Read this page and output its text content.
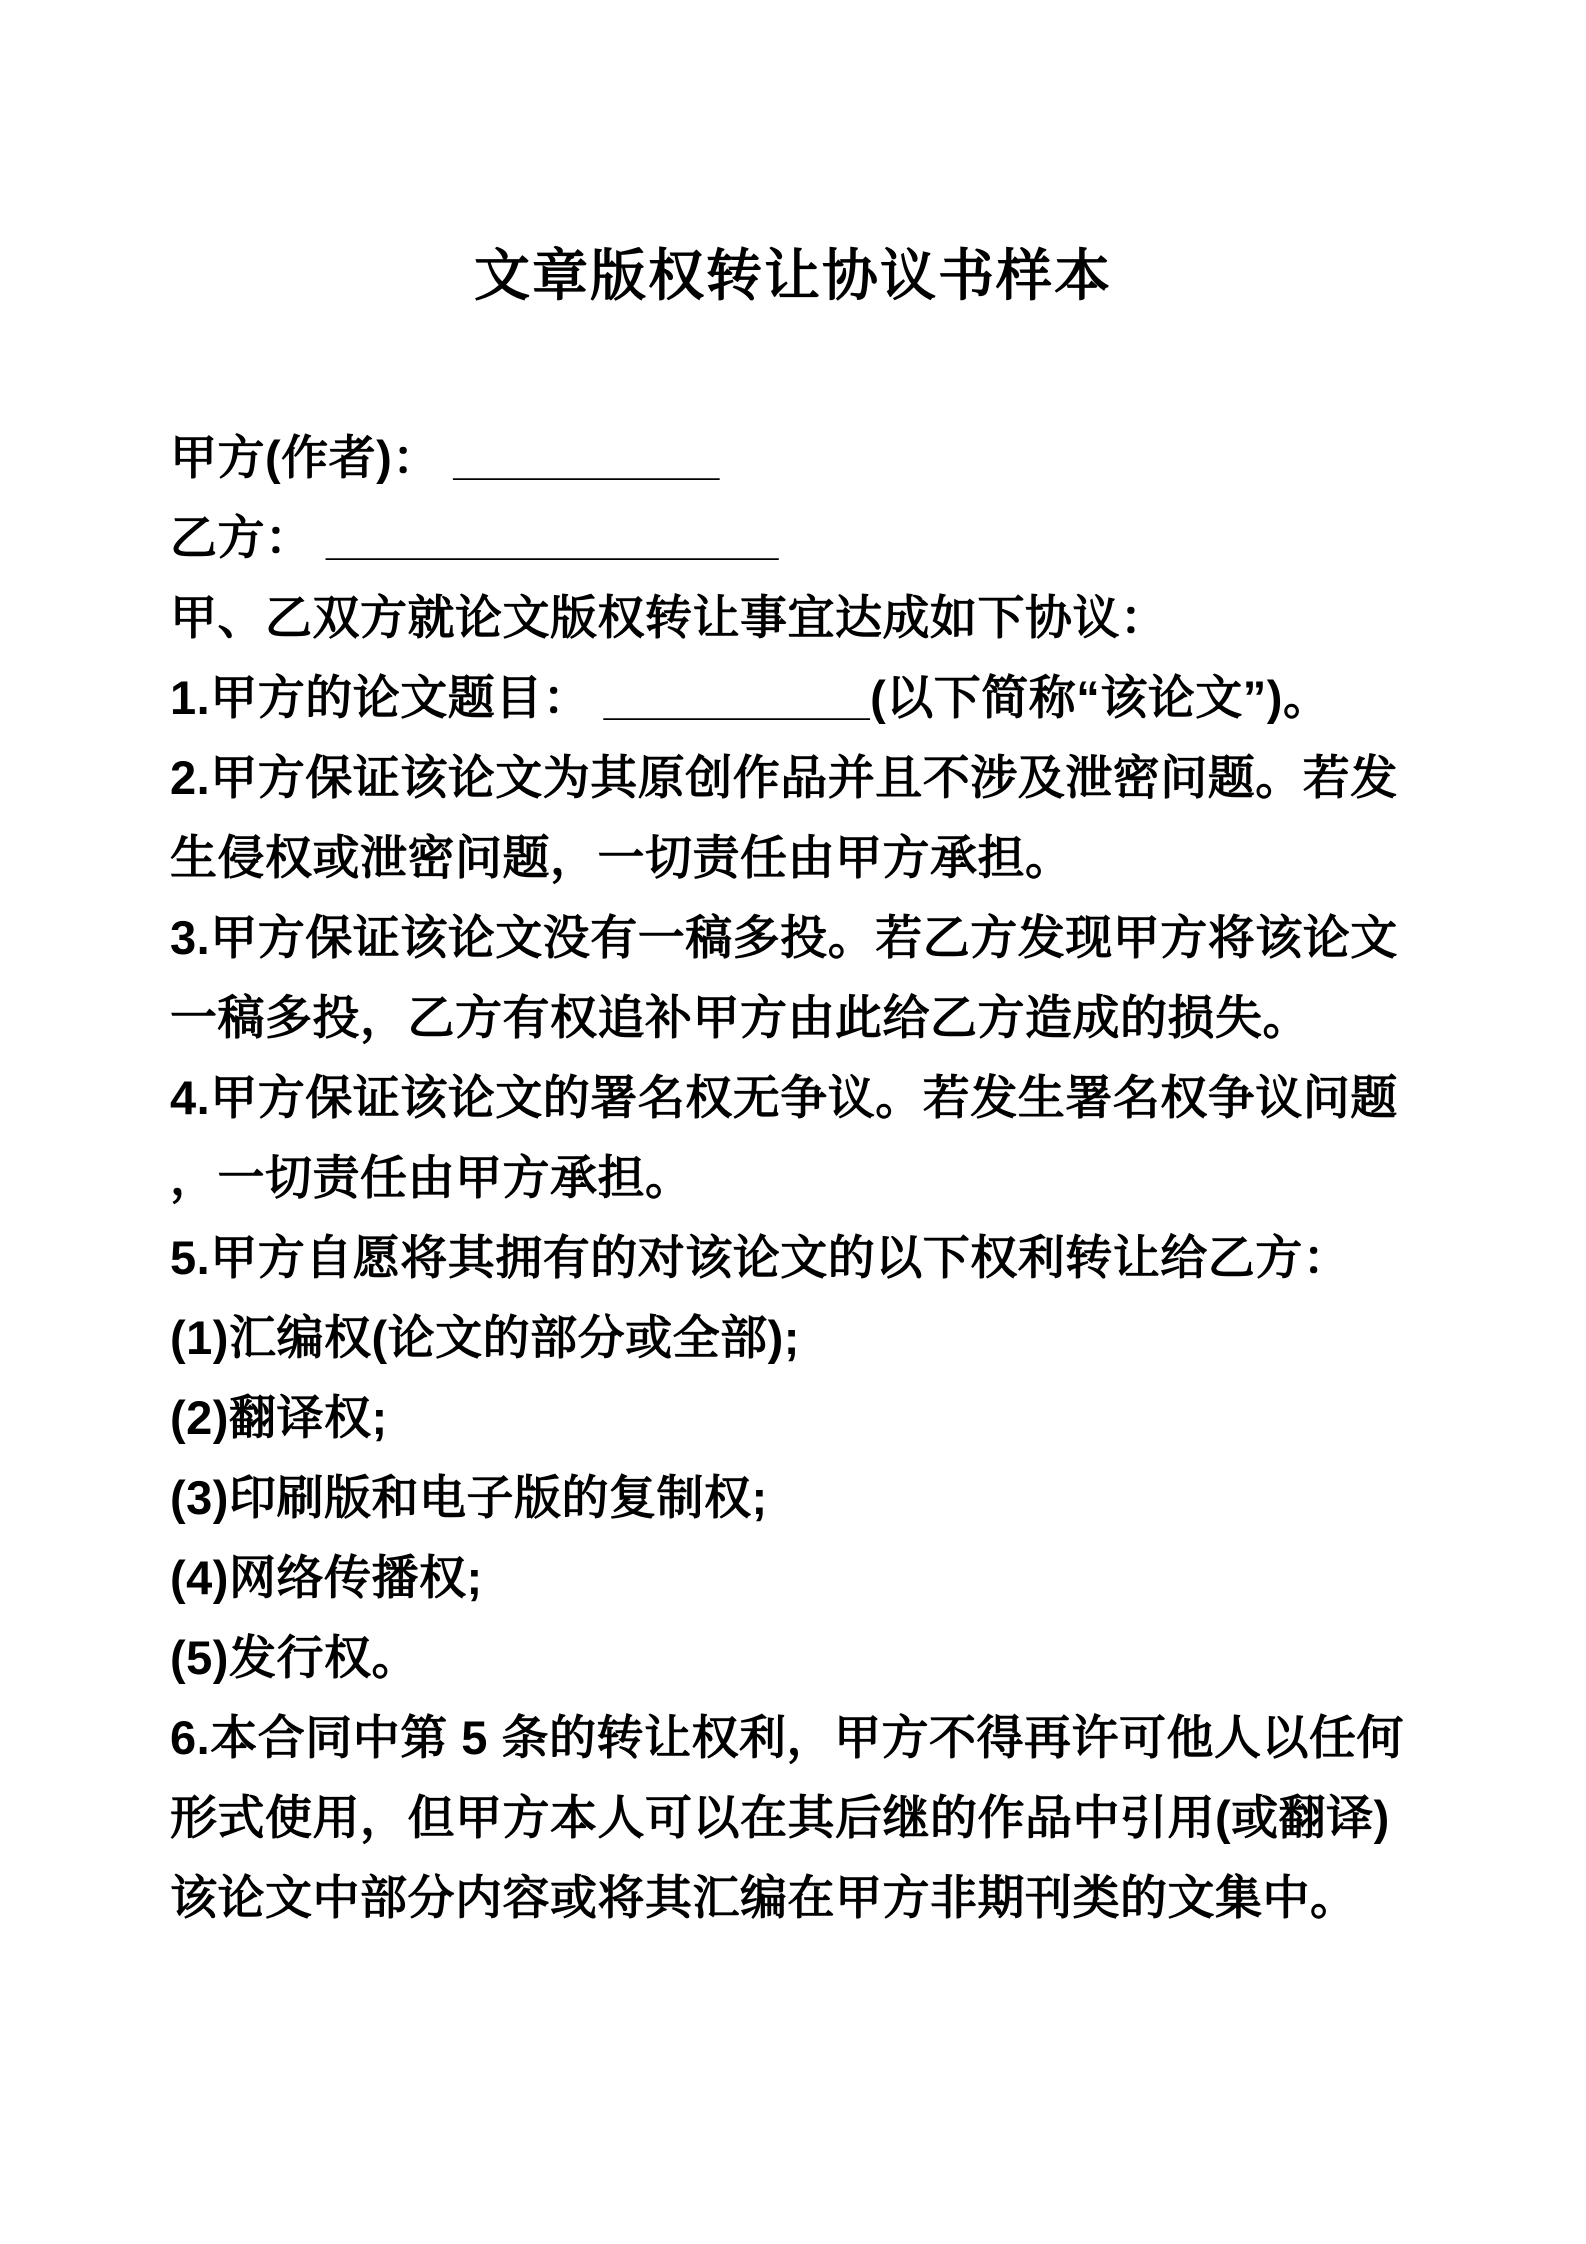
文章版权转让协议书样本
甲方(作者)： __________
乙方： _________________
甲、乙双方就论文版权转让事宜达成如下协议：
1.甲方的论文题目： __________(以下简称“该论文”)。
2.甲方保证该论文为其原创作品并且不涉及泄密问题。若发
生侵权或泄密问题，一切责任由甲方承担。
3.甲方保证该论文没有一稿多投。若乙方发现甲方将该论文
一稿多投，乙方有权追补甲方由此给乙方造成的损失。
4.甲方保证该论文的署名权无争议。若发生署名权争议问题
，一切责任由甲方承担。
5.甲方自愿将其拥有的对该论文的以下权利转让给乙方：
(1)汇编权(论文的部分或全部);
(2)翻译权;
(3)印刷版和电子版的复制权;
(4)网络传播权;
(5)发行权。
6.本合同中第 5 条的转让权利，甲方不得再许可他人以任何
形式使用，但甲方本人可以在其后继的作品中引用(或翻译)
该论文中部分内容或将其汇编在甲方非期刊类的文集中。
